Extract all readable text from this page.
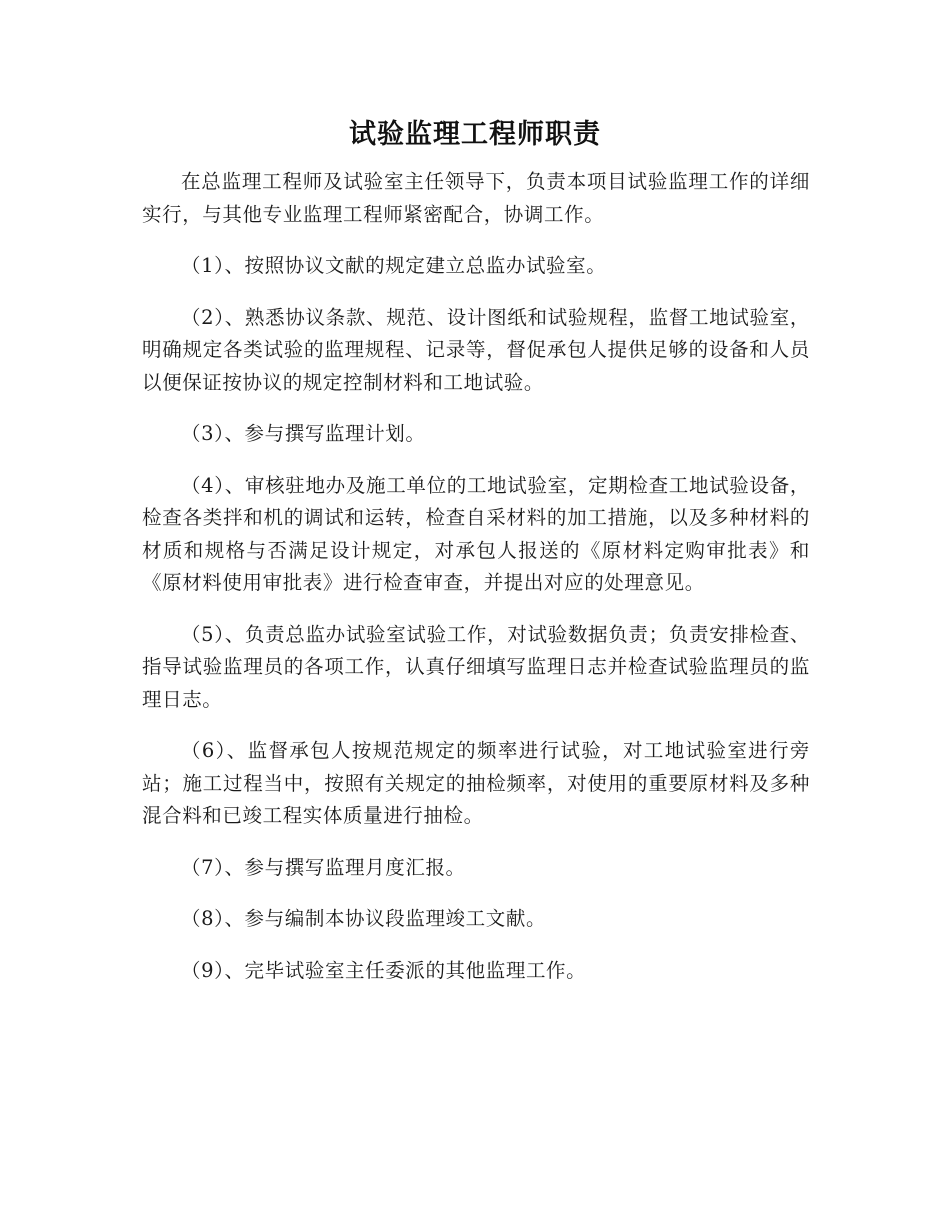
试验监理工程师职责

在总监理工程师及试验室主任领导下，负责本项目试验监理工作的详细实行，与其他专业监理工程师紧密配合，协调工作。

（1）、按照协议文献的规定建立总监办试验室。

（2）、熟悉协议条款、规范、设计图纸和试验规程，监督工地试验室，明确规定各类试验的监理规程、记录等，督促承包人提供足够的设备和人员以便保证按协议的规定控制材料和工地试验。

（3）、参与撰写监理计划。

（4）、审核驻地办及施工单位的工地试验室，定期检查工地试验设备，检查各类拌和机的调试和运转，检查自采材料的加工措施，以及多种材料的材质和规格与否满足设计规定，对承包人报送的《原材料定购审批表》和《原材料使用审批表》进行检查审查，并提出对应的处理意见。

（5）、负责总监办试验室试验工作，对试验数据负责；负责安排检查、指导试验监理员的各项工作，认真仔细填写监理日志并检查试验监理员的监理日志。

（6）、监督承包人按规范规定的频率进行试验，对工地试验室进行旁站；施工过程当中，按照有关规定的抽检频率，对使用的重要原材料及多种混合料和已竣工程实体质量进行抽检。

（7）、参与撰写监理月度汇报。

（8）、参与编制本协议段监理竣工文献。

（9）、完毕试验室主任委派的其他监理工作。
